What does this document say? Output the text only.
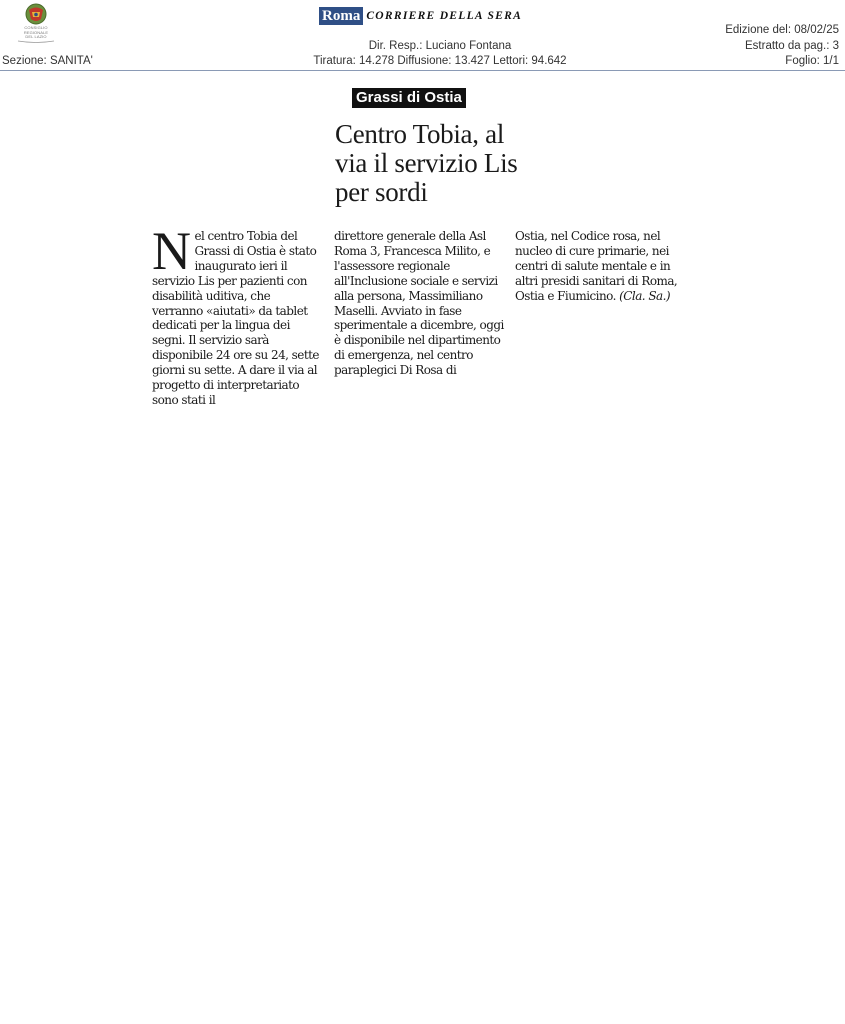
CONSIGLIO
REGIONALE
DEL LAZIO
Roma CORRIERE DELLA SERA
Dir. Resp.: Luciano Fontana
Tiratura: 14.278 Diffusione: 13.427 Lettori: 94.642
Edizione del: 08/02/25
Estratto da pag.: 3
Foglio: 1/1
Sezione: SANITA'
Grassi di Ostia
Centro Tobia, al via il servizio Lis per sordi

Nel centro Tobia del Grassi di Ostia è stato inaugurato ieri il servizio Lis per pazienti con disabilità uditiva, che verranno «aiutati» da tablet dedicati per la lingua dei segni. Il servizio sarà disponibile 24 ore su 24, sette giorni su sette. A dare il via al progetto di interpretariato sono stati il

direttore generale della Asl Roma 3, Francesca Milito, e l'assessore regionale all'Inclusione sociale e servizi alla persona, Massimiliano Maselli. Avviato in fase sperimentale a dicembre, oggi è disponibile nel dipartimento di emergenza, nel centro paraplegici Di Rosa di

Ostia, nel Codice rosa, nel nucleo di cure primarie, nei centri di salute mentale e in altri presidi sanitari di Roma, Ostia e Fiumicino. (Cla. Sa.)
